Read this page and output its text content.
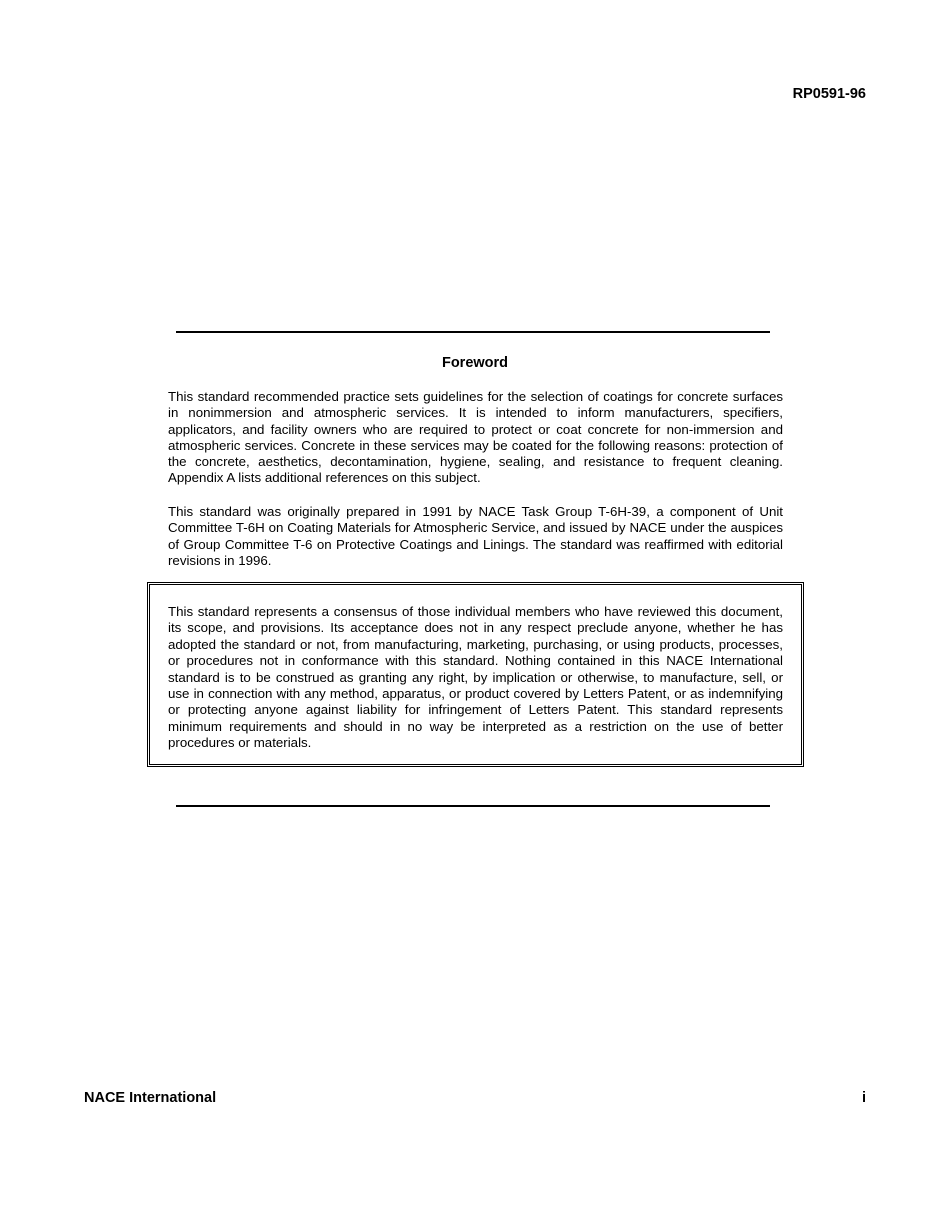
RP0591-96
Foreword

This standard recommended practice sets guidelines for the selection of coatings for concrete surfaces in nonimmersion and atmospheric services. It is intended to inform manufacturers, specifiers, applicators, and facility owners who are required to protect or coat concrete for non-immersion and atmospheric services. Concrete in these services may be coated for the following reasons: protection of the concrete, aesthetics, decontamination, hygiene, sealing, and resistance to frequent cleaning. Appendix A lists additional references on this subject.

This standard was originally prepared in 1991 by NACE Task Group T-6H-39, a component of Unit Committee T-6H on Coating Materials for Atmospheric Service, and issued by NACE under the auspices of Group Committee T-6 on Protective Coatings and Linings. The standard was reaffirmed with editorial revisions in 1996.

This standard represents a consensus of those individual members who have reviewed this document, its scope, and provisions. Its acceptance does not in any respect preclude anyone, whether he has adopted the standard or not, from manufacturing, marketing, purchasing, or using products, processes, or procedures not in conformance with this standard. Nothing contained in this NACE International standard is to be construed as granting any right, by implication or otherwise, to manufacture, sell, or use in connection with any method, apparatus, or product covered by Letters Patent, or as indemnifying or protecting anyone against liability for infringement of Letters Patent. This standard represents minimum requirements and should in no way be interpreted as a restriction on the use of better procedures or materials.

NACE International	i
